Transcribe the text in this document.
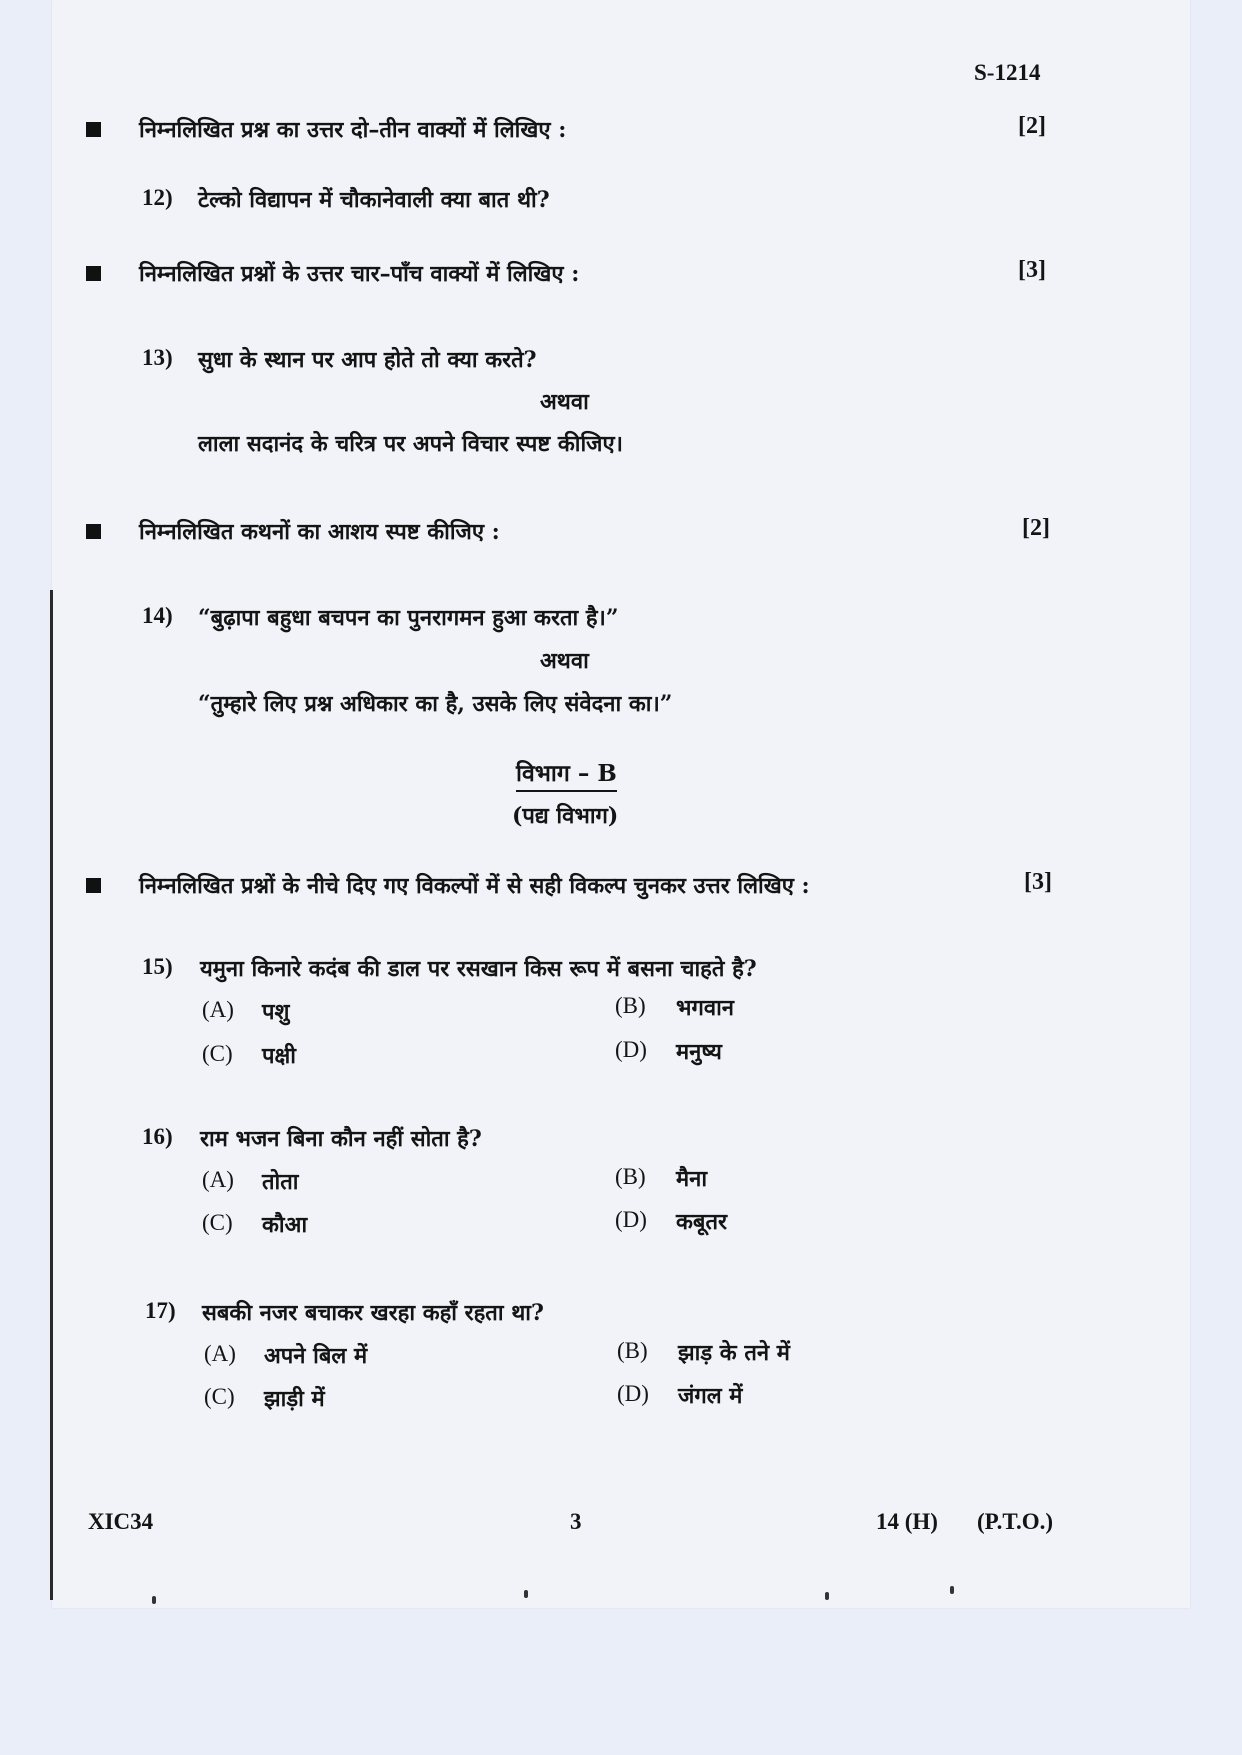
S-1214
निम्नलिखित प्रश्न का उत्तर दो–तीन वाक्यों में लिखिए :	[2]
12) टेल्को विद्यापन में चौकानेवाली क्या बात थी?
निम्नलिखित प्रश्नों के उत्तर चार–पाँच वाक्यों में लिखिए :	[3]
13) सुधा के स्थान पर आप होते तो क्या करते?
अथवा
लाला सदानंद के चरित्र पर अपने विचार स्पष्ट कीजिए।
निम्नलिखित कथनों का आशय स्पष्ट कीजिए :	[2]
14) “बुढ़ापा बहुधा बचपन का पुनरागमन हुआ करता है।”
अथवा
“तुम्हारे लिए प्रश्न अधिकार का है, उसके लिए संवेदना का।”
विभाग – B
(पद्य विभाग)
निम्नलिखित प्रश्नों के नीचे दिए गए विकल्पों में से सही विकल्प चुनकर उत्तर लिखिए :	[3]
15) यमुना किनारे कदंब की डाल पर रसखान किस रूप में बसना चाहते है?
(A) पशु	(B) भगवान
(C) पक्षी	(D) मनुष्य
16) राम भजन बिना कौन नहीं सोता है?
(A) तोता	(B) मैना
(C) कौआ	(D) कबूतर
17) सबकी नजर बचाकर खरहा कहाँ रहता था?
(A) अपने बिल में	(B) झाड़ के तने में
(C) झाड़ी में	(D) जंगल में
XIC34	3	14 (H) (P.T.O.)
